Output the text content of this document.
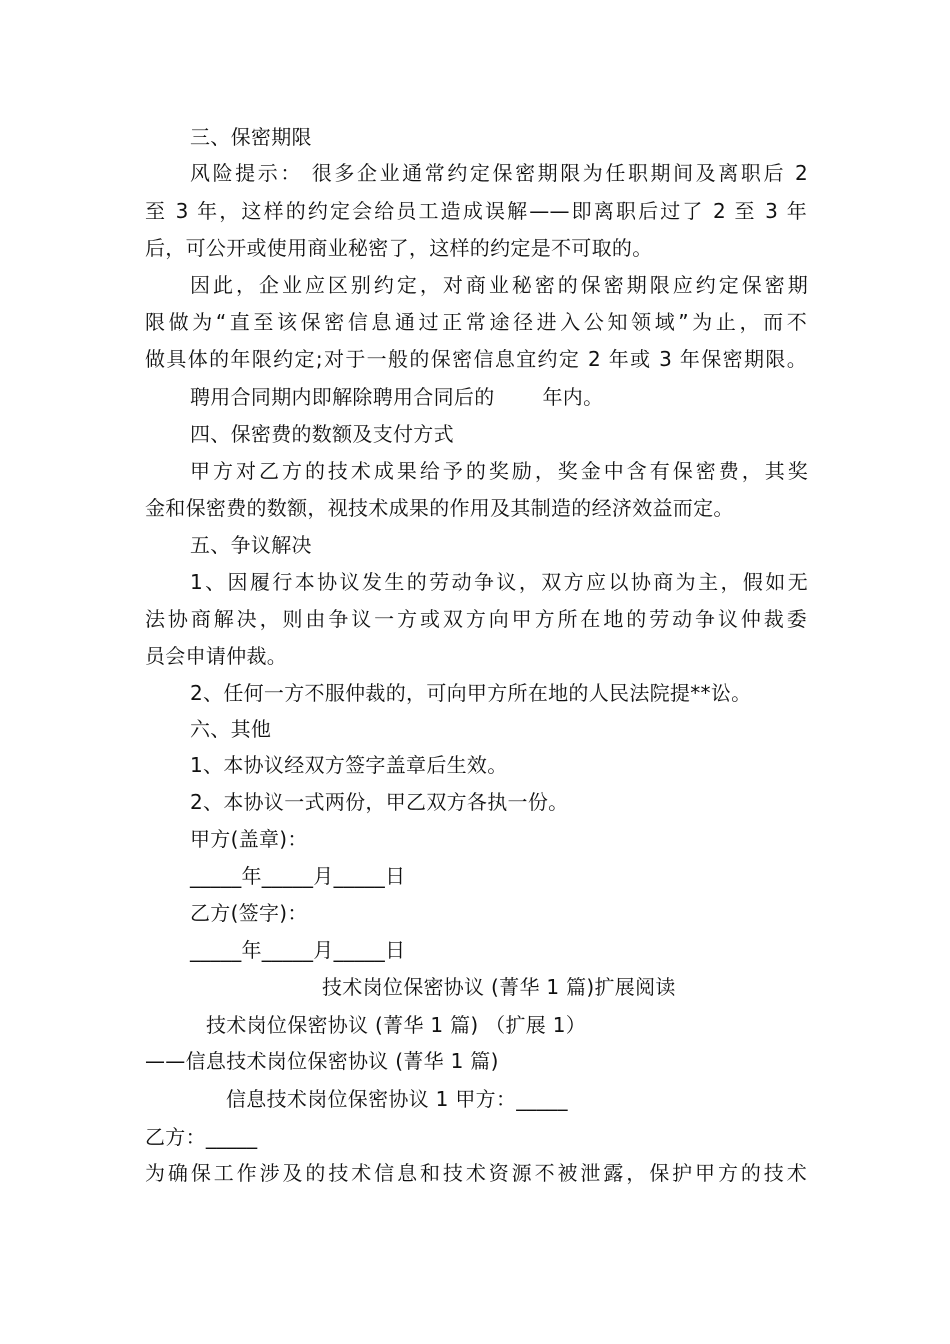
三、保密期限
风险提示： 很多企业通常约定保密期限为任职期间及离职后 2
至 3 年，这样的约定会给员工造成误解——即离职后过了 2 至 3 年
后，可公开或使用商业秘密了，这样的约定是不可取的。
因此，企业应区别约定，对商业秘密的保密期限应约定保密期
限做为“直至该保密信息通过正常途径进入公知领域”为止，而不
做具体的年限约定;对于一般的保密信息宜约定 2 年或 3 年保密期限。
聘用合同期内即解除聘用合同后的 年内。
四、保密费的数额及支付方式
甲方对乙方的技术成果给予的奖励，奖金中含有保密费，其奖
金和保密费的数额，视技术成果的作用及其制造的经济效益而定。
五、争议解决
1、因履行本协议发生的劳动争议，双方应以协商为主，假如无
法协商解决，则由争议一方或双方向甲方所在地的劳动争议仲裁委
员会申请仲裁。
2、任何一方不服仲裁的，可向甲方所在地的人民法院提**讼。
六、其他
1、本协议经双方签字盖章后生效。
2、本协议一式两份，甲乙双方各执一份。
甲方(盖章)：
_____年_____月_____日
乙方(签字)：
_____年_____月_____日
技术岗位保密协议 (菁华 1 篇)扩展阅读
技术岗位保密协议 (菁华 1 篇) （扩展 1）
——信息技术岗位保密协议 (菁华 1 篇)
信息技术岗位保密协议 1 甲方：_____
乙方：_____
为确保工作涉及的技术信息和技术资源不被泄露，保护甲方的技术
